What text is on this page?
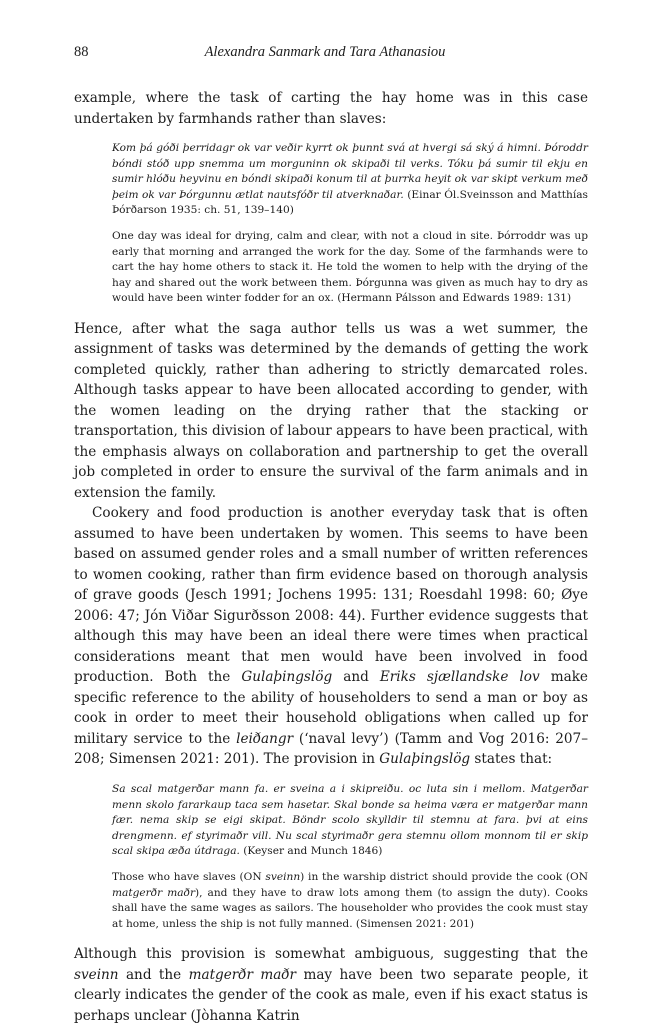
88	Alexandra Sanmark and Tara Athanasiou

example, where the task of carting the hay home was in this case undertaken by farmhands rather than slaves:

Kom þá góði þerridagr ok var veðir kyrrt ok þunnt svá at hvergi sá ský á himni. Þóroddr bóndi stóð upp snemma um morguninn ok skipaði til verks. Tóku þá sumir til ekju en sumir hlóðu heyvinu en bóndi skipaði konum til at þurrka heyit ok var skipt verkum með þeim ok var Þórgunnu ætlat nautsfóðr til atverknaðar. (Einar Ól.Sveinsson and Matthías Þórðarson 1935: ch. 51, 139–140)

One day was ideal for drying, calm and clear, with not a cloud in site. Þórroddr was up early that morning and arranged the work for the day. Some of the farmhands were to cart the hay home others to stack it. He told the women to help with the drying of the hay and shared out the work between them. Þórgunna was given as much hay to dry as would have been winter fodder for an ox. (Hermann Pálsson and Edwards 1989: 131)

Hence, after what the saga author tells us was a wet summer, the assignment of tasks was determined by the demands of getting the work completed quickly, rather than adhering to strictly demarcated roles. Although tasks appear to have been allocated according to gender, with the women leading on the drying rather that the stacking or transportation, this division of labour appears to have been practical, with the emphasis always on collaboration and partnership to get the overall job completed in order to ensure the survival of the farm animals and in extension the family.

Cookery and food production is another everyday task that is often assumed to have been undertaken by women. This seems to have been based on assumed gender roles and a small number of written references to women cooking, rather than firm evidence based on thorough analysis of grave goods (Jesch 1991; Jochens 1995: 131; Roesdahl 1998: 60; Øye 2006: 47; Jón Viðar Sigurðsson 2008: 44). Further evidence suggests that although this may have been an ideal there were times when practical considerations meant that men would have been involved in food production. Both the Gulaþingslög and Eriks sjællandske lov make specific reference to the ability of householders to send a man or boy as cook in order to meet their household obligations when called up for military service to the leiðangr (‘naval levy’) (Tamm and Vog 2016: 207–208; Simensen 2021: 201). The provision in Gulaþingslög states that:

Sa scal matgerðar mann fa. er sveina a i skipreiðu. oc luta sin i mellom. Matgerðar menn skolo fararkaup taca sem hasetar. Skal bonde sa heima væra er matgerðar mann fær. nema skip se eigi skipat. Böndr scolo skylldir til stemnu at fara. þvi at eins drengmenn. ef styrimaðr vill. Nu scal styrimaðr gera stemnu ollom monnom til er skip scal skipa æða útdraga. (Keyser and Munch 1846)

Those who have slaves (ON sveinn) in the warship district should provide the cook (ON matgerðr maðr), and they have to draw lots among them (to assign the duty). Cooks shall have the same wages as sailors. The householder who provides the cook must stay at home, unless the ship is not fully manned. (Simensen 2021: 201)

Although this provision is somewhat ambiguous, suggesting that the sveinn and the matgerðr maðr may have been two separate people, it clearly indicates the gender of the cook as male, even if his exact status is perhaps unclear (Jòhanna Katrin
